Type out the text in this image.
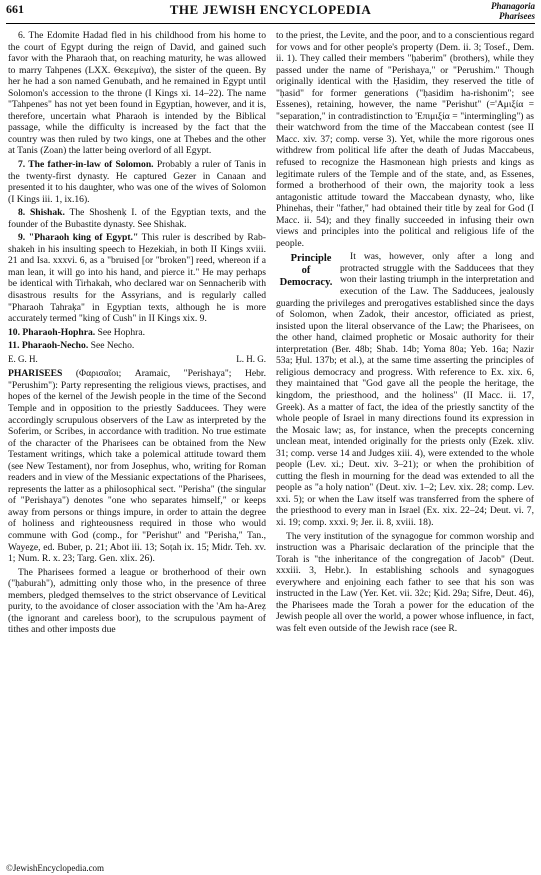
661	THE JEWISH ENCYCLOPEDIA	Phanagoria
Pharisees

6. The Edomite Hadad fled in his childhood from his home to the court of Egypt during the reign of David, and gained such favor with the Pharaoh that, on reaching maturity, he was allowed to marry Tahpenes (LXX. Θεκεμίνα), the sister of the queen. By her he had a son named Genubath, and he remained in Egypt until Solomon's accession to the throne (I Kings xi. 14–22). The name "Tahpenes" has not yet been found in Egyptian, however, and it is, therefore, uncertain what Pharaoh is intended by the Biblical passage, while the difficulty is increased by the fact that the country was then ruled by two kings, one at Thebes and the other at Tanis (Zoan) the latter being overlord of all Egypt.

7. The father-in-law of Solomon. Probably a ruler of Tanis in the twenty-first dynasty. He captured Gezer in Canaan and presented it to his daughter, who was one of the wives of Solomon (I Kings iii. 1, ix.16).

8. Shishak. The Shoshenḳ I. of the Egyptian texts, and the founder of the Bubastite dynasty. See Shishak.

9. "Pharaoh king of Egypt." This ruler is described by Rab-shakeh in his insulting speech to Hezekiah, in both II Kings xviii. 21 and Isa. xxxvi. 6, as a "bruised [or "broken"] reed, whereon if a man lean, it will go into his hand, and pierce it." He may perhaps be identical with Tirhakah, who declared war on Sennacherib with disastrous results for the Assyrians, and is regularly called "Pharaoh Tahraḳa" in Egyptian texts, although he is more accurately termed "king of Cush" in II Kings xix. 9.

10. Pharaoh-Hophra. See Hophra.

11. Pharaoh-Necho. See Necho.

E. G. H.	L. H. G.

PHARISEES (Φαρισαῖοι; Aramaic, "Perishaya"; Hebr. "Perushim"): Party representing the religious views, practises, and hopes of the kernel of the Jewish people in the time of the Second Temple and in opposition to the priestly Sadducees. They were accordingly scrupulous observers of the Law as interpreted by the Soferim, or Scribes, in accordance with tradition. No true estimate of the character of the Pharisees can be obtained from the New Testament writings, which take a polemical attitude toward them (see New Testament), nor from Josephus, who, writing for Roman readers and in view of the Messianic expectations of the Pharisees, represents the latter as a philosophical sect. "Perisha" (the singular of "Perishaya") denotes "one who separates himself," or keeps away from persons or things impure, in order to attain the degree of holiness and righteousness required in those who would commune with God (comp., for "Perishut" and "Perisha," Tan., Wayeẕe, ed. Buber, p. 21; Abot iii. 13; Soṭah ix. 15; Midr. Teh. xv. 1; Num. R. x. 23; Targ. Gen. xlix. 26).

The Pharisees formed a league or brotherhood of their own ("ḥaburah"), admitting only those who, in the presence of three members, pledged themselves to the strict observance of Levitical purity, to the avoidance of closer association with the 'Am ha-Areẓ (the ignorant and careless boor), to the scrupulous payment of tithes and other imposts due

to the priest, the Levite, and the poor, and to a conscientious regard for vows and for other people's property (Dem. ii. 3; Tosef., Dem. ii. 1). They called their members "ḥaberim" (brothers), while they passed under the name of "Perishaya," or "Perushim." Though originally identical with the Ḥasidim, they reserved the title of "ḥasid" for former generations ("ḥasidim ha-rishonim"; see Essenes), retaining, however, the name "Perishut" (='Αμιξία = "separation," in contradistinction to 'Επιμιξία = "intermingling") as their watchword from the time of the Maccabean contest (see II Macc. xiv. 37; comp. verse 3). Yet, while the more rigorous ones withdrew from political life after the death of Judas Maccabeus, refused to recognize the Hasmonean high priests and kings as legitimate rulers of the Temple and of the state, and, as Essenes, formed a brotherhood of their own, the majority took a less antagonistic attitude toward the Maccabean dynasty, who, like Phinehas, their "father," had obtained their title by zeal for God (I Macc. ii. 54); and they finally succeeded in infusing their own views and principles into the political and religious life of the people.

Principle of Democracy.
It was, however, only after a long and protracted struggle with the Sadducees that they won their lasting triumph in the interpretation and execution of the Law. The Sadducees, jealously guarding the privileges and prerogatives established since the days of Solomon, when Zadok, their ancestor, officiated as priest, insisted upon the literal observance of the Law; the Pharisees, on the other hand, claimed prophetic or Mosaic authority for their interpretation (Ber. 48b; Shab. 14b; Yoma 80a; Yeb. 16a; Nazir 53a; Ḥul. 137b; et al.), at the same time asserting the principles of religious democracy and progress. With reference to Ex. xix. 6, they maintained that "God gave all the people the heritage, the kingdom, the priesthood, and the holiness" (II Macc. ii. 17, Greek). As a matter of fact, the idea of the priestly sanctity of the whole people of Israel in many directions found its expression in the Mosaic law; as, for instance, when the precepts concerning unclean meat, intended originally for the priests only (Ezek. xliv. 31; comp. verse 14 and Judges xiii. 4), were extended to the whole people (Lev. xi.; Deut. xiv. 3–21); or when the prohibition of cutting the flesh in mourning for the dead was extended to all the people as "a holy nation" (Deut. xiv. 1–2; Lev. xix. 28; comp. Lev. xxi. 5); or when the Law itself was transferred from the sphere of the priesthood to every man in Israel (Ex. xix. 22–24; Deut. vi. 7, xi. 19; comp. xxxi. 9; Jer. ii. 8, xviii. 18).

The very institution of the synagogue for common worship and instruction was a Pharisaic declaration of the principle that the Torah is "the inheritance of the congregation of Jacob" (Deut. xxxiii. 3, Hebr.). In establishing schools and synagogues everywhere and enjoining each father to see that his son was instructed in the Law (Yer. Ket. vii. 32c; Ḳid. 29a; Sifre, Deut. 46), the Pharisees made the Torah a power for the education of the Jewish people all over the world, a power whose influence, in fact, was felt even outside of the Jewish race (see R.

©JewishEncyclopedia.com
